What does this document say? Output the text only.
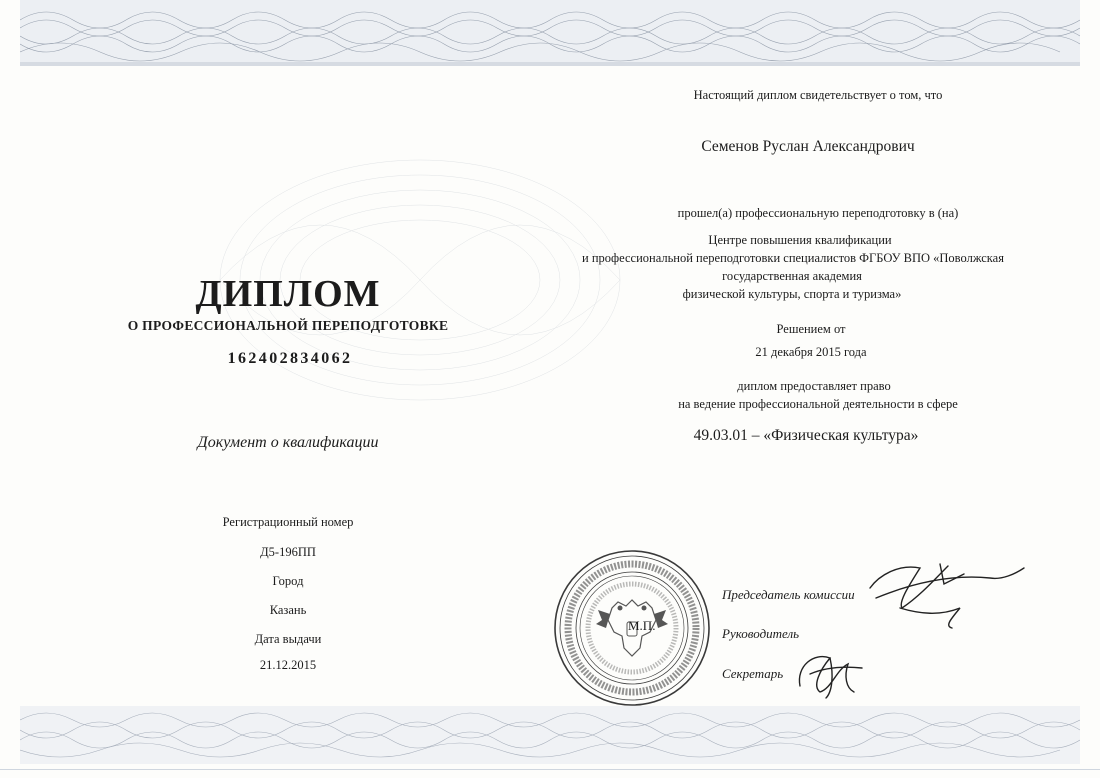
ДИПЛОМ
О ПРОФЕССИОНАЛЬНОЙ ПЕРЕПОДГОТОВКЕ
162402834062
Документ о квалификации
Регистрационный номер
Д5-196ПП
Город
Казань
Дата выдачи
21.12.2015
Настоящий диплом свидетельствует о том, что
Семенов Руслан Александрович
прошел(а) профессиональную переподготовку в (на)
Центре повышения квалификации
и профессиональной переподготовки специалистов ФГБОУ ВПО «Поволжская
государственная академия
физической культуры, спорта и туризма»
Решением от
21 декабря 2015 года
диплом предоставляет право
на ведение профессиональной деятельности в сфере
49.03.01 – «Физическая культура»
М.П.
Председатель комиссии
Руководитель
Секретарь
